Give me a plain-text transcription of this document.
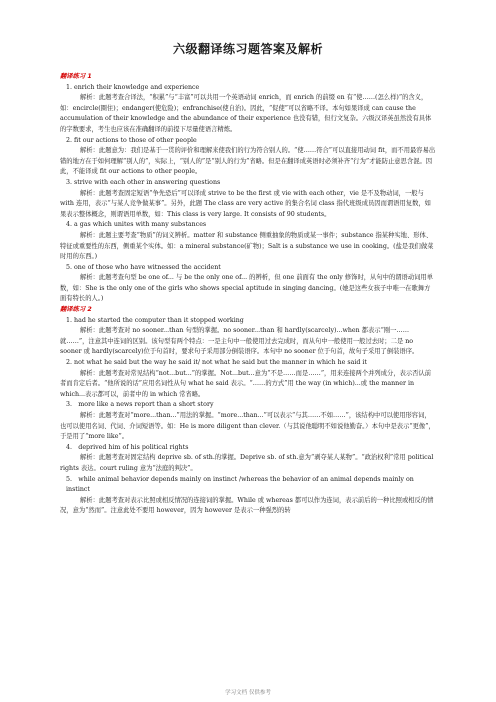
六级翻译练习题答案及解析

翻译练习 1

1. enrich their knowledge and experience

解析：此题考查合译法，“积累”与“丰富”可以共用一个英语动词 enrich，而 enrich 的前缀 en 有“使……(怎么样)”的含义，如：encircle(圈住)；endanger(使危险)；enfranchise(使自治)。因此，“促使”可以省略不译。本句如果译成 can cause the accumulation of their knowledge and the abundance of their experience 也没有错，但行文复杂。六级汉译英虽然没有具体的字数要求，考生也应该在准确翻译的前提下尽量使语言精炼。

2. fit our actions to those of other people

解析：此题意为：我们是基于一贯的评价和理解来使我们的行为符合别人的。“使……符合”可以直接用动词 fit，而不用最容易出错的地方在于如何理解“别人的”，实际上，“别人的”是“别人的行为”省略。但是在翻译成英语时必须补齐“行为”才能防止意思含混。因此，不能译成 fit our actions to other people。

3. strive with each other in answering questions

解析：此题考查固定短语“争先恐后”可以译成 strive to be the first 或 vie with each other，vie 是不及物动词，一般与 with 连用，表示“与某人竞争做某事”。另外，此题 The class are very active 的集合名词 class 指代班级成员因而谓语用复数，如果表示整体概念，则谓语用单数，如：This class is very large. It consists of 90 students。

4. a gas which unites with many substances

解析：此题主要考查“物质”的词义辨析。matter 和 substance 侧重抽象的物质或某一事件；substance 指某种实地、形体、特征或重要性的东西，侧重某个实体。如：a mineral substance(矿物)；Salt is a substance we use in cooking。(盐是我们做菜时用的东西。)

5. one of those who have witnessed the accident

解析：此题考查句型 be one of... 与 be the only one of... 的辨析，但 one 前面有 the only 修饰时，从句中的谓语动词用单数，如：She is the only one of the girls who shows special aptitude in singing dancing。(她是这些女孩子中唯一在歌舞方面有特长的人。)

翻译练习 2

1. had he started the computer than it stopped working

解析：此题考查对 no sooner...than 句型的掌握。no sooner...than 和 hardly(scarcely)...when 都表示“刚一……就……”，注意其中连词的区别。该句型有两个特点：一是主句中一般使用过去完成时，而从句中一般使用一般过去时；二是 no sooner 或 hardly(scarcely)位于句首时，要求句子采用部分倒装语序。本句中 no sooner 位于句首，故句子采用了倒装语序。

2. not what he said but the way he said it/ not what he said but the manner in which he said it

解析：此题考查对常见结构“not...but...”的掌握。Not...but...意为“不是……而是……”，用来连接两个并列成分，表示否认前者而肯定后者。“他所说的话”应用名词性从句 what he said 表示。“……的方式”用 the way (in which)...或 the manner in which...表示都可以，前者中的 in which 常省略。

3.　more like a news report than a short story

解析：此题考查对“more...than...”用法的掌握。“more...than...”可以表示“与其……不如……”，该结构中可以使用形容词，也可以使用名词、代词、介词短语等。如：He is more diligent than clever.（与其说他聪明不如说他勤奋。）本句中是表示“更像”，于是用了“more like”。

4.　deprived him of his political rights

解析：此题考查对固定结构 deprive sb. of sth.的掌握。Deprive sb. of sth.意为“剥夺某人某物”。“政治权利”常用 political rights 表达。court ruling 意为“法庭的判决”。

5.　while animal behavior depends mainly on instinct /whereas the behavior of an animal depends mainly on instinct

解析：此题考查对表示比照或相反情况的连接词的掌握。While 或 whereas 都可以作为连词，表示前后的一种比照或相反的情况，意为“然而”。注意此处不要用 however，因为 however 是表示一种强烈的转

学习文档 仅供参考
